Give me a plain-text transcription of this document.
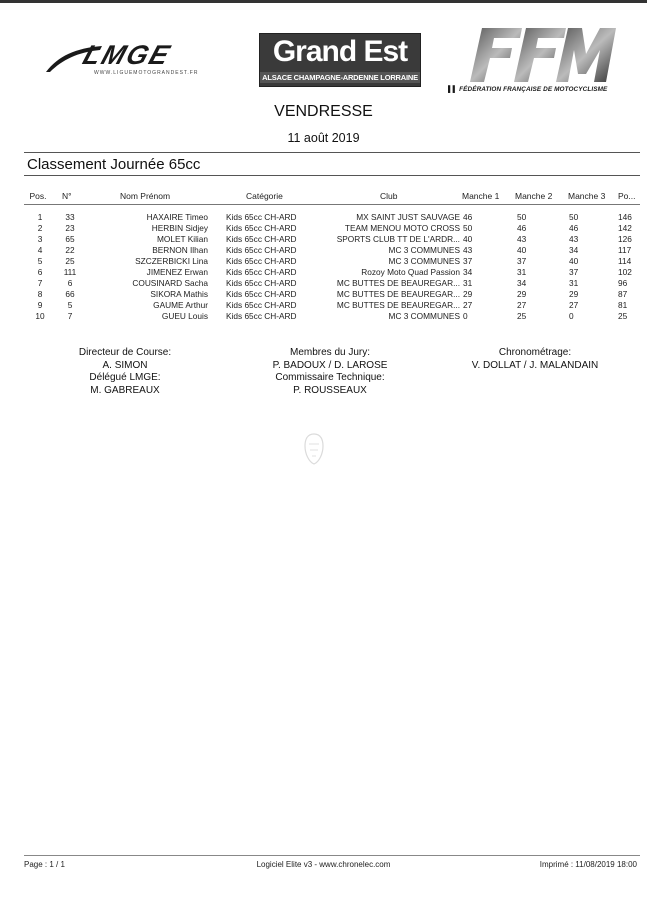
LMGE
WWW.LIGUEMOTOGRANDEST.FR
Grand Est
ALSACE CHAMPAGNE-ARDENNE LORRAINE
▌▌ FÉDÉRATION FRANÇAISE DE MOTOCYCLISME
VENDRESSE
11 août 2019
Classement Journée 65cc
Pos.	N°	Nom Prénom	Catégorie	Club	Manche 1	Manche 2	Manche 3	Po...
1	33	HAXAIRE Timeo Kids 65cc CH-ARD	MX SAINT JUST SAUVAGE 46	50	50	146
2	23	HERBIN Sidjey Kids 65cc CH-ARD	TEAM MENOU MOTO CROSS 50	46	46	142
3	65	MOLET Kilian Kids 65cc CH-ARD	SPORTS CLUB TT DE L'ARDR... 40	43	43	126
4	22	BERNON Ilhan Kids 65cc CH-ARD	MC 3 COMMUNES 43	40	34	117
5	25	SZCZERBICKI Lina Kids 65cc CH-ARD	MC 3 COMMUNES 37	37	40	114
6	111	JIMENEZ Erwan Kids 65cc CH-ARD	Rozoy Moto Quad Passion 34	31	37	102
7	6	COUSINARD Sacha Kids 65cc CH-ARD	MC BUTTES DE BEAUREGAR... 31	34	31	96
8	66	SIKORA Mathis Kids 65cc CH-ARD	MC BUTTES DE BEAUREGAR... 29	29	29	87
9	5	GAUME Arthur Kids 65cc CH-ARD	MC BUTTES DE BEAUREGAR... 27	27	27	81
10	7	GUEU Louis Kids 65cc CH-ARD	MC 3 COMMUNES 0	25	0	25
Directeur de Course:
A. SIMON
Délégué LMGE:
M. GABREAUX
Membres du Jury:
P. BADOUX / D. LAROSE
Commissaire Technique:
P. ROUSSEAUX
Chronométrage:
V. DOLLAT / J. MALANDAIN
Page : 1 / 1	Logiciel Elite v3 - www.chronelec.com	Imprimé : 11/08/2019 18:00
